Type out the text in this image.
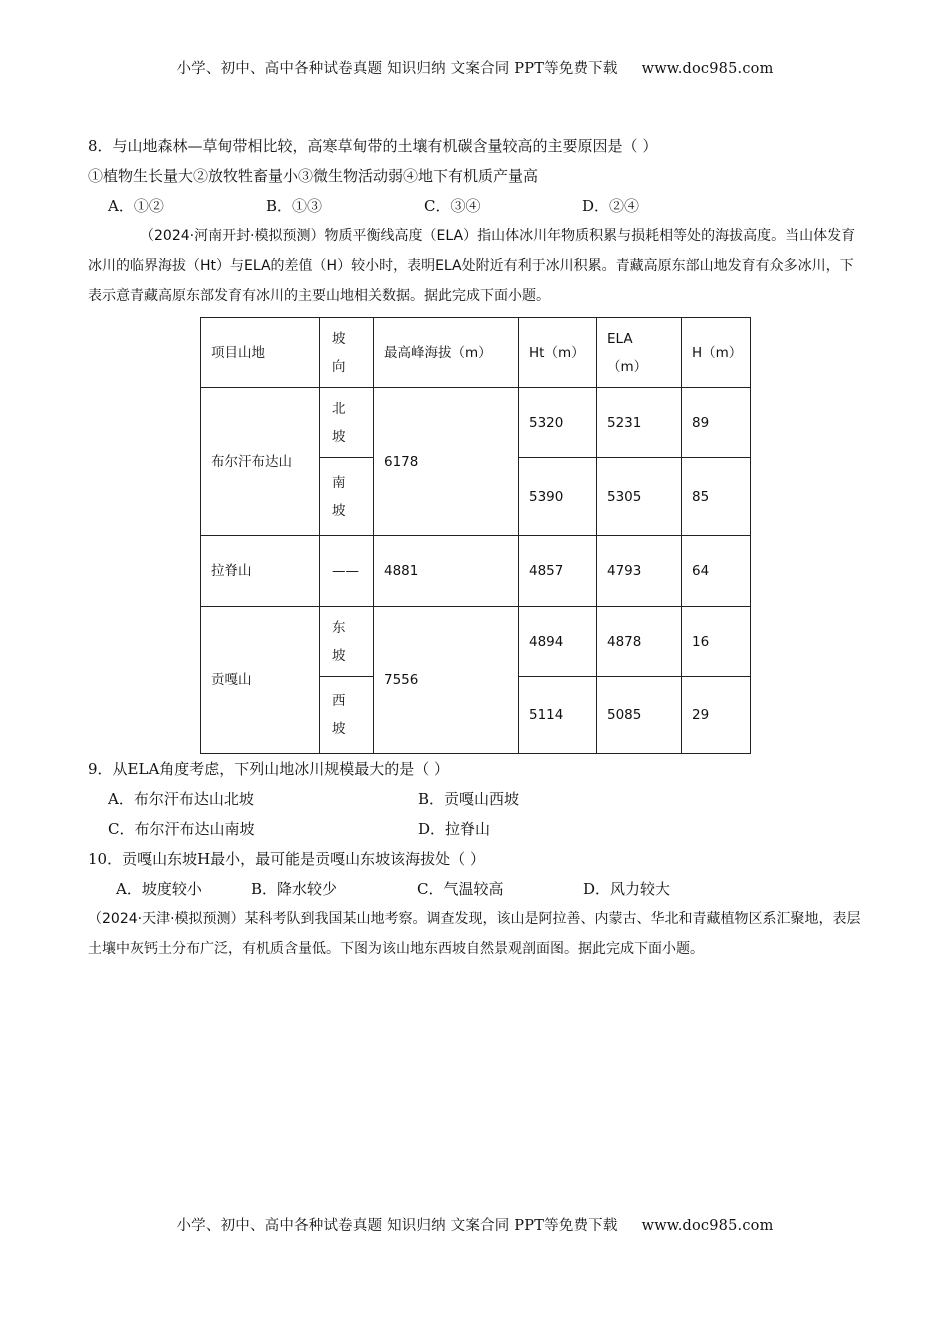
小学、初中、高中各种试卷真题 知识归纳 文案合同 PPT等免费下载 www.doc985.com
8．与山地森林—草甸带相比较，高寒草甸带的土壤有机碳含量较高的主要原因是（ ）
①植物生长量大②放牧牲畜量小③微生物活动弱④地下有机质产量高
A．①②	B．①③	C．③④	D．②④
（2024·河南开封·模拟预测）物质平衡线高度（ELA）指山体冰川年物质积累与损耗相等处的海拔高度。当山体发育冰川的临界海拔（Ht）与ELA的差值（H）较小时，表明ELA处附近有利于冰川积累。青藏高原东部山地发育有众多冰川，下表示意青藏高原东部发育有冰川的主要山地相关数据。据此完成下面小题。
项目山地	坡向	最高峰海拔（m）	Ht（m）	ELA（m）	H（m）
布尔汗布达山	北坡	6178	5320	5231	89
	南坡		5390	5305	85
拉脊山	——	4881	4857	4793	64
贡嘎山	东坡	7556	4894	4878	16
	西坡		5114	5085	29
9．从ELA角度考虑，下列山地冰川规模最大的是（ ）
A．布尔汗布达山北坡	B．贡嘎山西坡
C．布尔汗布达山南坡	D．拉脊山
10．贡嘎山东坡H最小，最可能是贡嘎山东坡该海拔处（ ）
A．坡度较小	B．降水较少	C．气温较高	D．风力较大
（2024·天津·模拟预测）某科考队到我国某山地考察。调查发现，该山是阿拉善、内蒙古、华北和青藏植物区系汇聚地，表层土壤中灰钙土分布广泛，有机质含量低。下图为该山地东西坡自然景观剖面图。据此完成下面小题。
小学、初中、高中各种试卷真题 知识归纳 文案合同 PPT等免费下载 www.doc985.com
